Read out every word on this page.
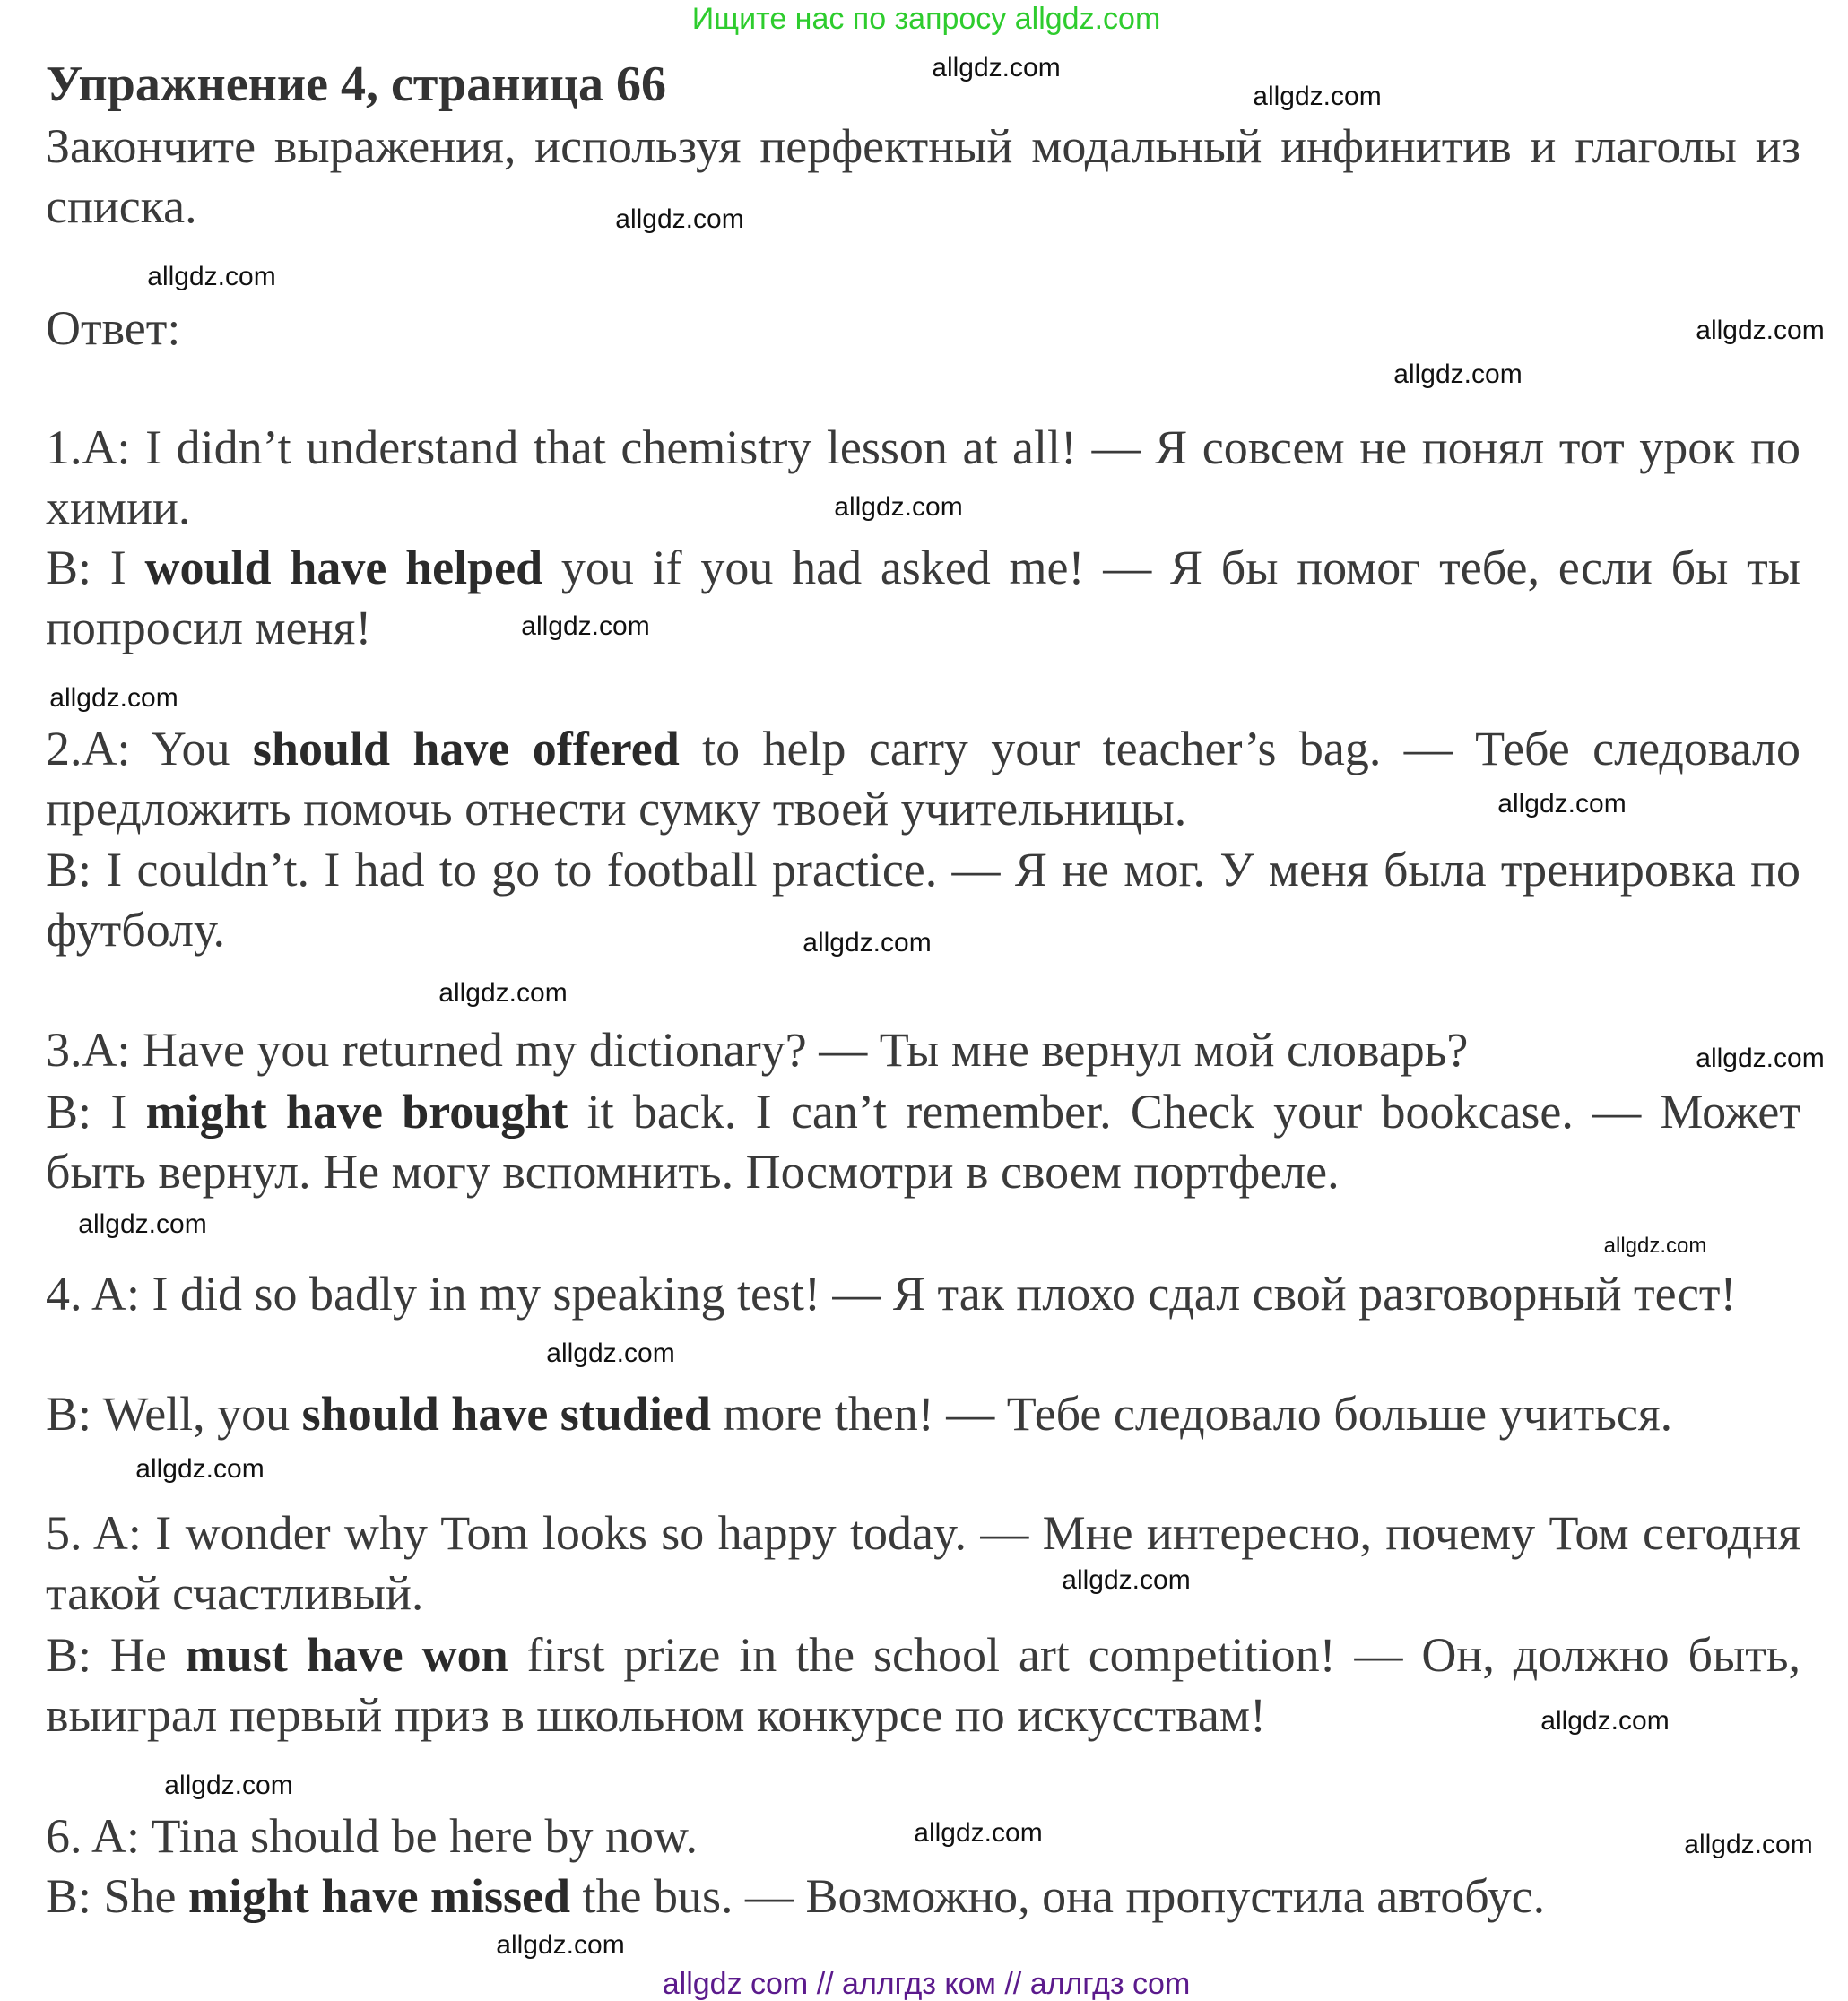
Ищите нас по запросу allgdz.com
Упражнение 4, страница 66

Закончите выражения, используя перфектный модальный инфинитив и глаголы из списка.

Ответ:

1.A: I didn’t understand that chemistry lesson at all! — Я совсем не понял тот урок по химии.

B: I would have helped you if you had asked me! — Я бы помог тебе, если бы ты попросил меня!

2.A: You should have offered to help carry your teacher’s bag. — Тебе следовало предложить помочь отнести сумку твоей учительницы.

B: I couldn’t. I had to go to football practice. — Я не мог. У меня была тренировка по футболу.

3.A: Have you returned my dictionary? — Ты мне вернул мой словарь?

B: I might have brought it back. I can’t remember. Check your bookcase. — Может быть вернул. Не могу вспомнить. Посмотри в своем портфеле.

4. A: I did so badly in my speaking test! — Я так плохо сдал свой разговорный тест!

B: Well, you should have studied more then! — Тебе следовало больше учиться.

5. A: I wonder why Tom looks so happy today. — Мне интересно, почему Том сегодня такой счастливый.

B: He must have won first prize in the school art competition! — Он, должно быть, выиграл первый приз в школьном конкурсе по искусствам!

6. A: Tina should be here by now.

B: She might have missed the bus. — Возможно, она пропустила автобус.

allgdz.com
allgdz.com
allgdz.com
allgdz.com
allgdz.com
allgdz.com
allgdz.com
allgdz.com
allgdz.com
allgdz.com
allgdz.com
allgdz.com
allgdz.com
allgdz.com
allgdz.com
allgdz.com
allgdz.com
allgdz.com
allgdz.com
allgdz.com
allgdz.com	allgdz.com
allgdz.com
allgdz com // аллгдз ком // аллгдз com
